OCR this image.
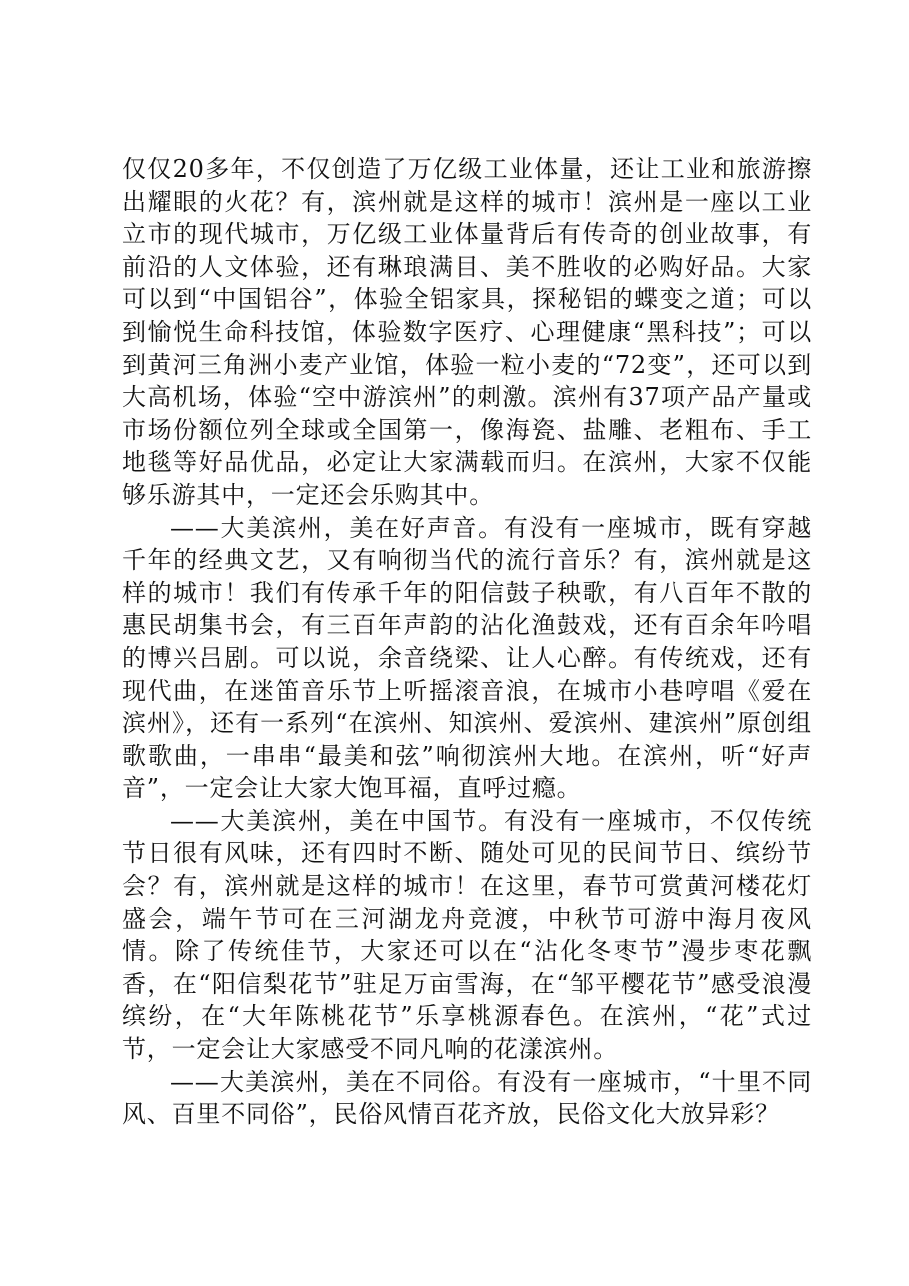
仅仅20多年，不仅创造了万亿级工业体量，还让工业和旅游擦出耀眼的火花？有，滨州就是这样的城市！滨州是一座以工业立市的现代城市，万亿级工业体量背后有传奇的创业故事，有前沿的人文体验，还有琳琅满目、美不胜收的必购好品。大家可以到“中国铝谷”，体验全铝家具，探秘铝的蝶变之道；可以到愉悦生命科技馆，体验数字医疗、心理健康“黑科技”；可以到黄河三角洲小麦产业馆，体验一粒小麦的“72变”，还可以到大高机场，体验“空中游滨州”的刺激。滨州有37项产品产量或市场份额位列全球或全国第一，像海瓷、盐雕、老粗布、手工地毯等好品优品，必定让大家满载而归。在滨州，大家不仅能够乐游其中，一定还会乐购其中。

——大美滨州，美在好声音。有没有一座城市，既有穿越千年的经典文艺，又有响彻当代的流行音乐？有，滨州就是这样的城市！我们有传承千年的阳信鼓子秧歌，有八百年不散的惠民胡集书会，有三百年声韵的沾化渔鼓戏，还有百余年吟唱的博兴吕剧。可以说，余音绕梁、让人心醉。有传统戏，还有现代曲，在迷笛音乐节上听摇滚音浪，在城市小巷哼唱《爱在滨州》，还有一系列“在滨州、知滨州、爱滨州、建滨州”原创组歌歌曲，一串串“最美和弦”响彻滨州大地。在滨州，听“好声音”，一定会让大家大饱耳福，直呼过瘾。

——大美滨州，美在中国节。有没有一座城市，不仅传统节日很有风味，还有四时不断、随处可见的民间节日、缤纷节会？有，滨州就是这样的城市！在这里，春节可赏黄河楼花灯盛会，端午节可在三河湖龙舟竞渡，中秋节可游中海月夜风情。除了传统佳节，大家还可以在“沾化冬枣节”漫步枣花飘香，在“阳信梨花节”驻足万亩雪海，在“邹平樱花节”感受浪漫缤纷，在“大年陈桃花节”乐享桃源春色。在滨州，“花”式过节，一定会让大家感受不同凡响的花漾滨州。

——大美滨州，美在不同俗。有没有一座城市，“十里不同风、百里不同俗”，民俗风情百花齐放，民俗文化大放异彩？
